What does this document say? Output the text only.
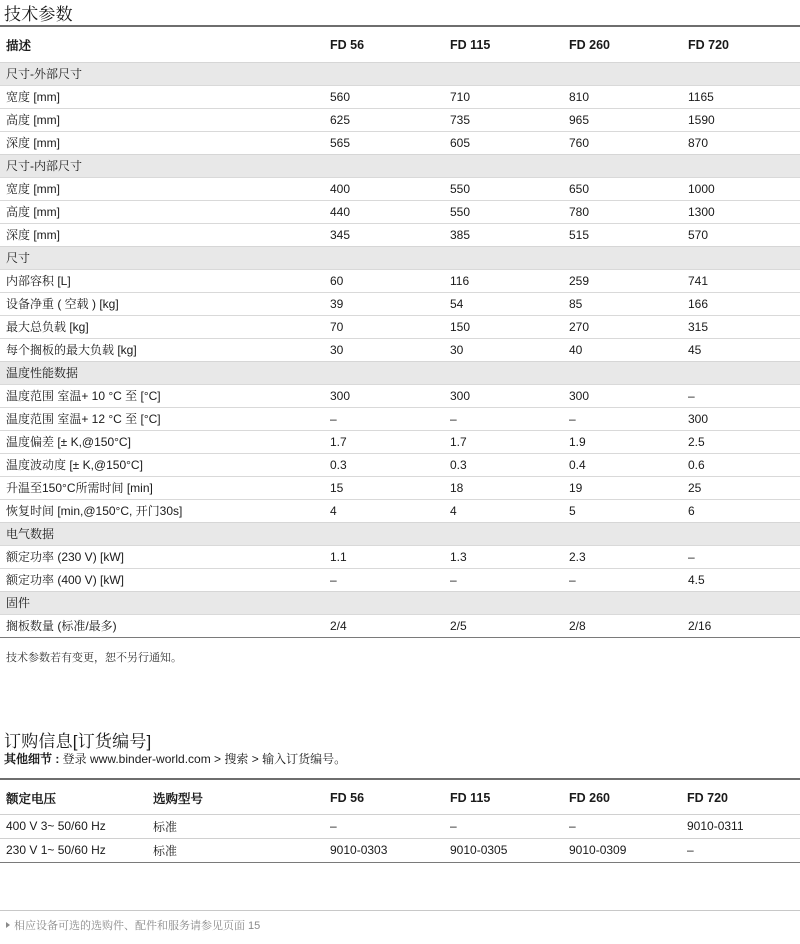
技术参数
描述	FD 56	FD 115	FD 260	FD 720
尺寸-外部尺寸				
宽度 [mm]	560	710	810	1165
高度 [mm]	625	735	965	1590
深度 [mm]	565	605	760	870
尺寸-内部尺寸				
宽度 [mm]	400	550	650	1000
高度 [mm]	440	550	780	1300
深度 [mm]	345	385	515	570
尺寸				
内部容积 [L]	60	116	259	741
设备净重 ( 空载 ) [kg]	39	54	85	166
最大总负载 [kg]	70	150	270	315
每个搁板的最大负载 [kg]	30	30	40	45
温度性能数据				
温度范围 室温+ 10 °C 至 [°C]	300	300	300	–
温度范围 室温+ 12 °C 至 [°C]	–	–	–	300
温度偏差 [± K,@150°C]	1.7	1.7	1.9	2.5
温度波动度 [± K,@150°C]	0.3	0.3	0.4	0.6
升温至150°C所需时间 [min]	15	18	19	25
恢复时间 [min,@150°C, 开门30s]	4	4	5	6
电气数据				
额定功率 (230 V) [kW]	1.1	1.3	2.3	–
额定功率 (400 V) [kW]	–	–	–	4.5
固件				
搁板数量 (标准/最多)	2/4	2/5	2/8	2/16
技术参数若有变更，恕不另行通知。
订购信息[订货编号]
其他细节 : 登录 www.binder-world.com > 搜索 > 输入订货编号。
额定电压	选购型号	FD 56	FD 115	FD 260	FD 720
400 V 3~ 50/60 Hz	标准	–	–	–	9010-0311
230 V 1~ 50/60 Hz	标准	9010-0303	9010-0305	9010-0309	–
相应设备可选的选购件、配件和服务请参见页面 15
